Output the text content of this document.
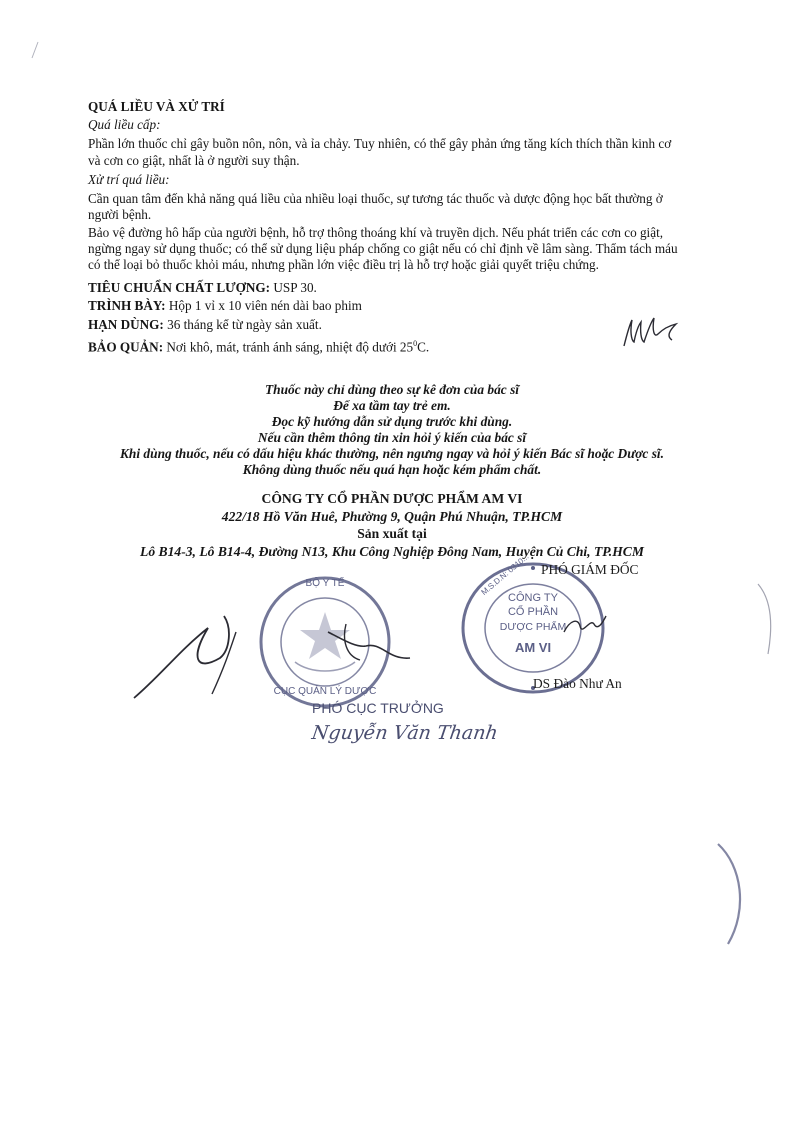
QUÁ LIỀU VÀ XỬ TRÍ
Quá liều cấp:
Phần lớn thuốc chỉ gây buồn nôn, nôn, và ỉa chảy. Tuy nhiên, có thể gây phản ứng tăng kích thích thần kinh cơ
và cơn co giật, nhất là ở người suy thận.
Xử trí quá liều:
Cần quan tâm đến khả năng quá liều của nhiều loại thuốc, sự tương tác thuốc và dược động học bất thường ở
người bệnh.
Bảo vệ đường hô hấp của người bệnh, hỗ trợ thông thoáng khí và truyền dịch. Nếu phát triển các cơn co giật,
ngừng ngay sử dụng thuốc; có thể sử dụng liệu pháp chống co giật nếu có chỉ định về lâm sàng. Thẩm tách máu
có thể loại bỏ thuốc khỏi máu, nhưng phần lớn việc điều trị là hỗ trợ hoặc giải quyết triệu chứng.
TIÊU CHUẨN CHẤT LƯỢNG: USP 30.
TRÌNH BÀY: Hộp 1 vỉ x 10 viên nén dài bao phim
HẠN DÙNG: 36 tháng kể từ ngày sản xuất.
BẢO QUẢN: Nơi khô, mát, tránh ánh sáng, nhiệt độ dưới $25^0C$.
Thuốc này chỉ dùng theo sự kê đơn của bác sĩ
Để xa tầm tay trẻ em.
Đọc kỹ hướng dẫn sử dụng trước khi dùng.
Nếu cần thêm thông tin xin hỏi ý kiến của bác sĩ
Khi dùng thuốc, nếu có dấu hiệu khác thường, nên ngưng ngay và hỏi ý kiến Bác sĩ hoặc Dược sĩ.
Không dùng thuốc nếu quá hạn hoặc kém phẩm chất.
CÔNG TY CỔ PHẦN DƯỢC PHẨM AM VI
422/18 Hồ Văn Huê, Phường 9, Quận Phú Nhuận, TP.HCM
Sản xuất tại
Lô B14-3, Lô B14-4, Đường N13, Khu Công Nghiệp Đông Nam, Huyện Củ Chi, TP.HCM
BỘ Y TẾ
CỤC QUẢN LÝ DƯỢC
CÔNG TY
CỔ PHẦN
DƯỢC PHẨM
AM VI
M.S.D.N: 0310... PHÓ GIÁM ĐỐC
DS Đào Như An
PHÓ CỤC TRƯỞNG
Nguyễn Văn Thanh
